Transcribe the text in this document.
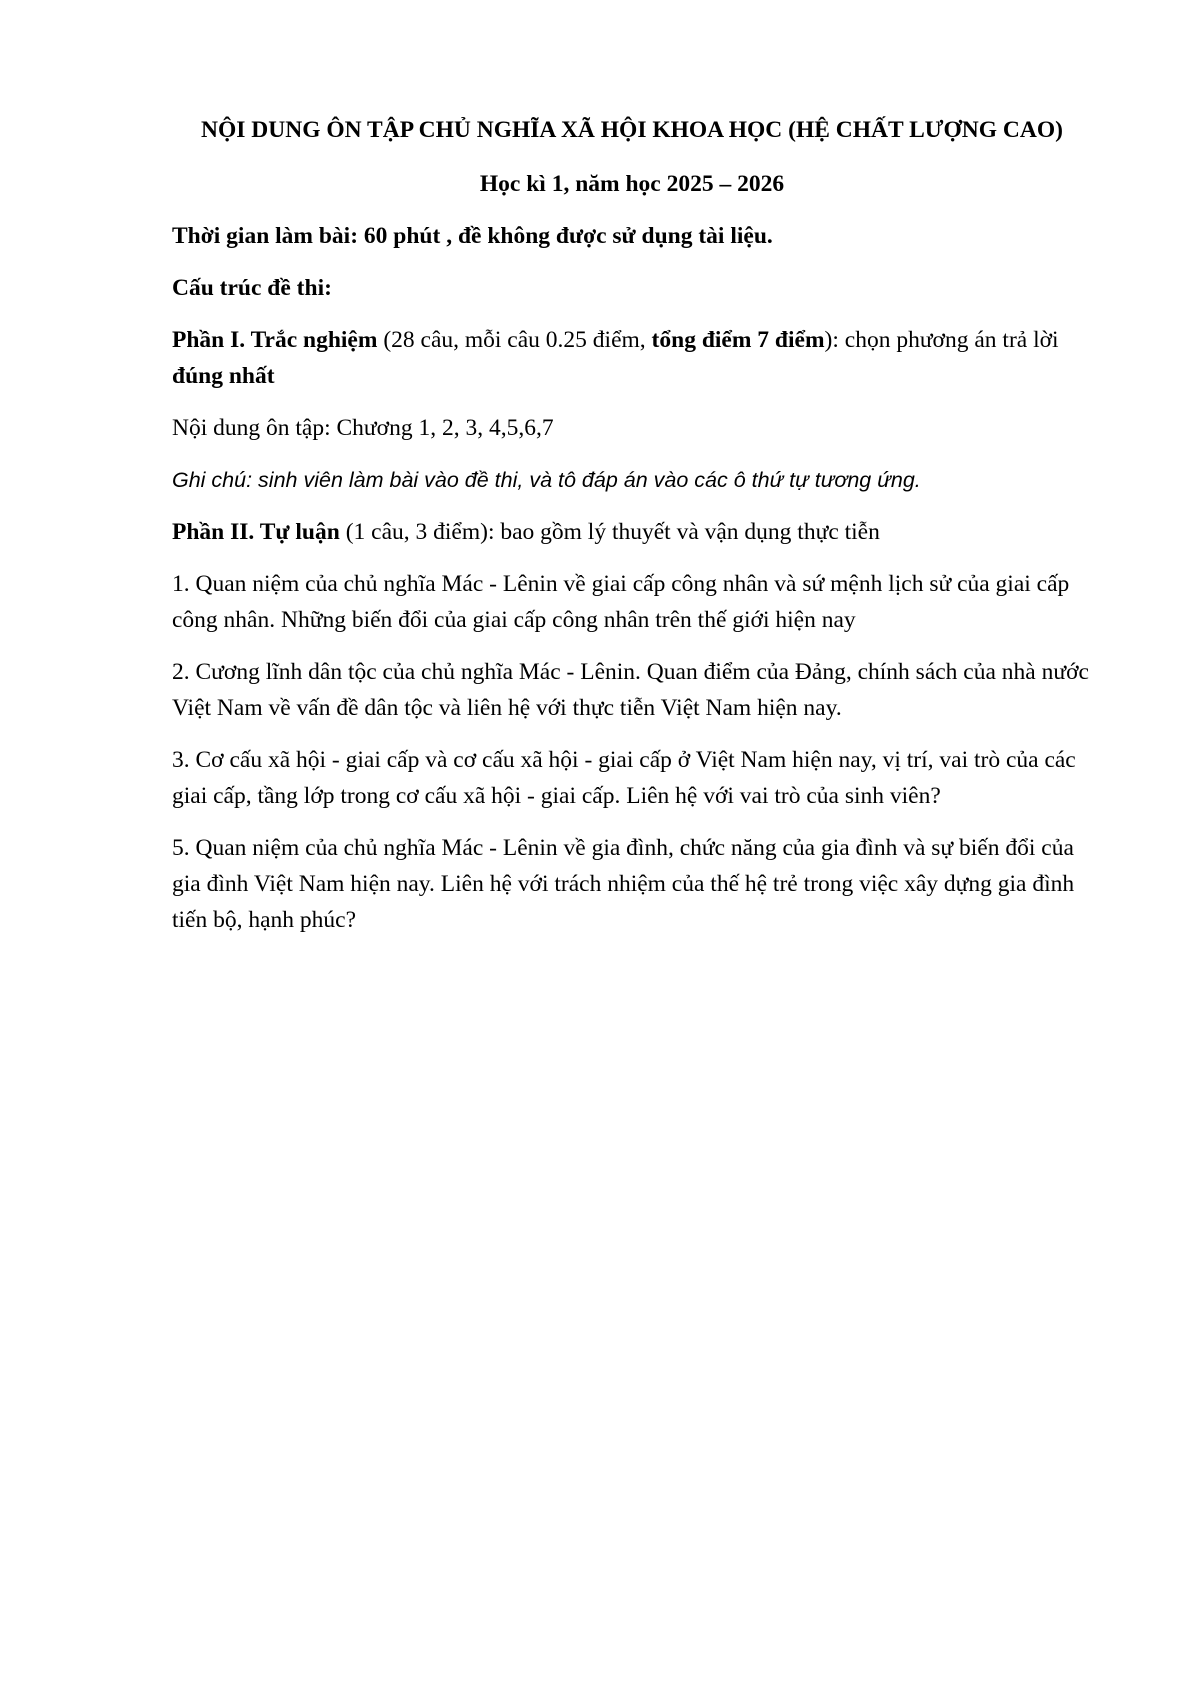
NỘI DUNG ÔN TẬP CHỦ NGHĨA XÃ HỘI KHOA HỌC (HỆ CHẤT LƯỢNG CAO)
Học kì 1, năm học 2025 – 2026

Thời gian làm bài: 60 phút , đề không được sử dụng tài liệu.

Cấu trúc đề thi:

Phần I. Trắc nghiệm (28 câu, mỗi câu 0.25 điểm, tổng điểm 7 điểm): chọn phương án trả lời đúng nhất

Nội dung ôn tập: Chương 1, 2, 3, 4,5,6,7

Ghi chú: sinh viên làm bài vào đề thi, và tô đáp án vào các ô thứ tự tương ứng.

Phần II. Tự luận (1 câu, 3 điểm): bao gồm lý thuyết và vận dụng thực tiễn

1. Quan niệm của chủ nghĩa Mác - Lênin về giai cấp công nhân và sứ mệnh lịch sử của giai cấp công nhân. Những biến đổi của giai cấp công nhân trên thế giới hiện nay

2. Cương lĩnh dân tộc của chủ nghĩa Mác - Lênin. Quan điểm của Đảng, chính sách của nhà nước Việt Nam về vấn đề dân tộc và liên hệ với thực tiễn Việt Nam hiện nay.

3. Cơ cấu xã hội - giai cấp và cơ cấu xã hội - giai cấp ở Việt Nam hiện nay, vị trí, vai trò của các giai cấp, tầng lớp trong cơ cấu xã hội - giai cấp. Liên hệ với vai trò của sinh viên?

5. Quan niệm của chủ nghĩa Mác - Lênin về gia đình, chức năng của gia đình và sự biến đổi của gia đình Việt Nam hiện nay. Liên hệ với trách nhiệm của thế hệ trẻ trong việc xây dựng gia đình tiến bộ, hạnh phúc?
